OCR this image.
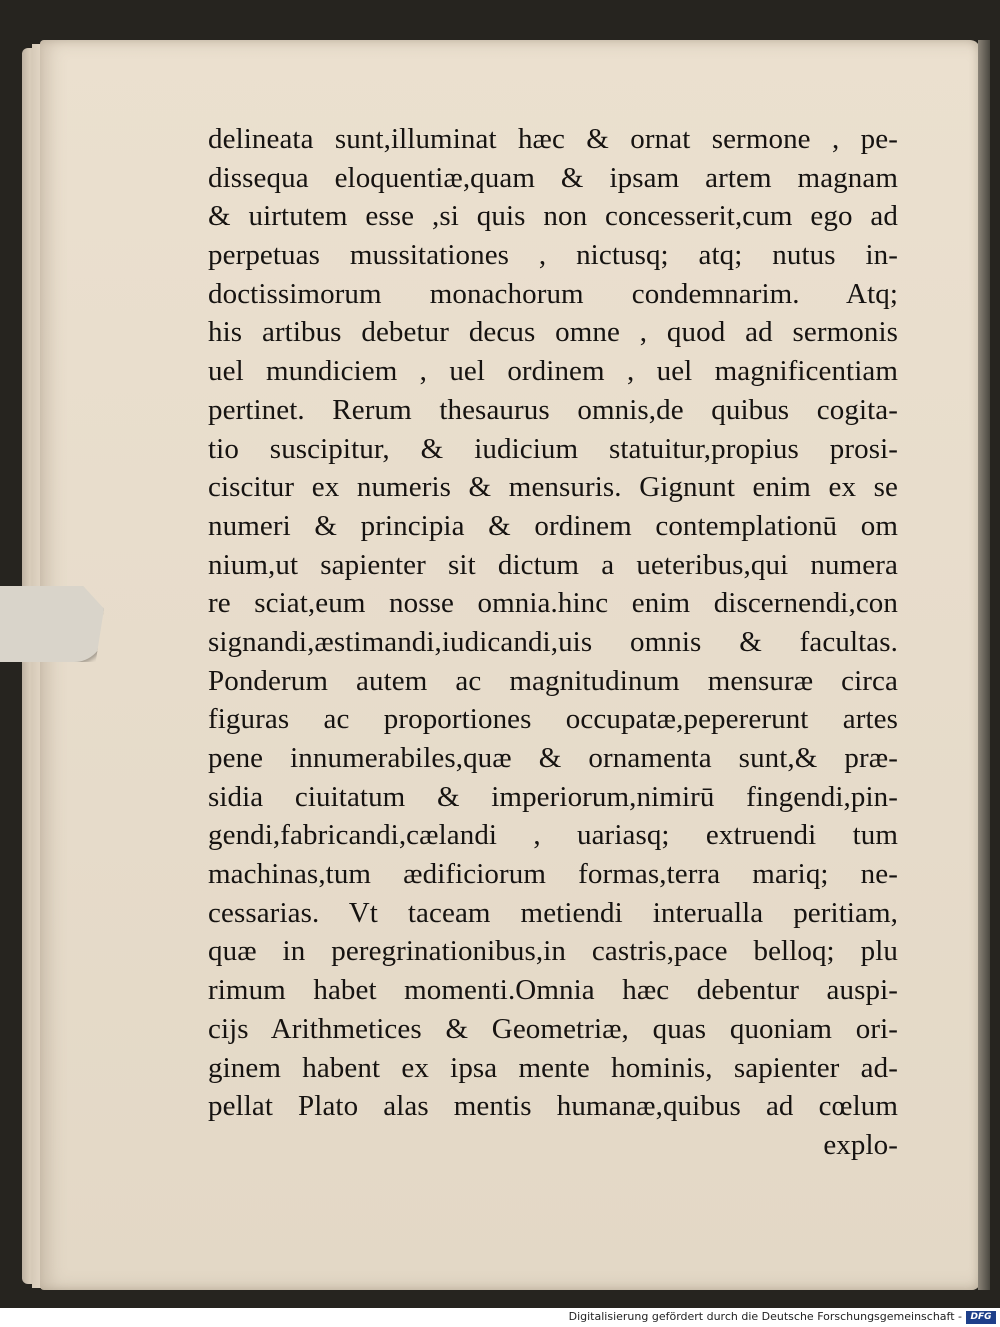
delineata sunt,illuminat hæc & ornat sermone , pe-
dissequa eloquentiæ,quam & ipsam artem magnam
& uirtutem esse ,si quis non concesserit,cum ego ad
perpetuas mussitationes , nictusq; atq; nutus in-
doctissimorum monachorum condemnarim. Atq;
his artibus debetur decus omne , quod ad sermonis
uel mundiciem , uel ordinem , uel magnificentiam
pertinet. Rerum thesaurus omnis,de quibus cogita-
tio suscipitur, & iudicium statuitur,propius prosi-
ciscitur ex numeris & mensuris. Gignunt enim ex se
numeri & principia & ordinem contemplationū om
nium,ut sapienter sit dictum a ueteribus,qui numera
re sciat,eum nosse omnia.hinc enim discernendi,con
signandi,æstimandi,iudicandi,uis omnis & facultas.
Ponderum autem ac magnitudinum mensuræ circa
figuras ac proportiones occupatæ,pepererunt artes
pene innumerabiles,quæ & ornamenta sunt,& præ-
sidia ciuitatum & imperiorum,nimirū fingendi,pin-
gendi,fabricandi,cælandi , uariasq; extruendi tum
machinas,tum ædificiorum formas,terra mariq; ne-
cessarias. Vt taceam metiendi interualla peritiam,
quæ in peregrinationibus,in castris,pace belloq; plu
rimum habet momenti.Omnia hæc debentur auspi-
cijs Arithmetices & Geometriæ, quas quoniam ori-
ginem habent ex ipsa mente hominis, sapienter ad-
pellat Plato alas mentis humanæ,quibus ad cœlum
explo-
Digitalisierung gefördert durch die Deutsche Forschungsgemeinschaft - DFG
